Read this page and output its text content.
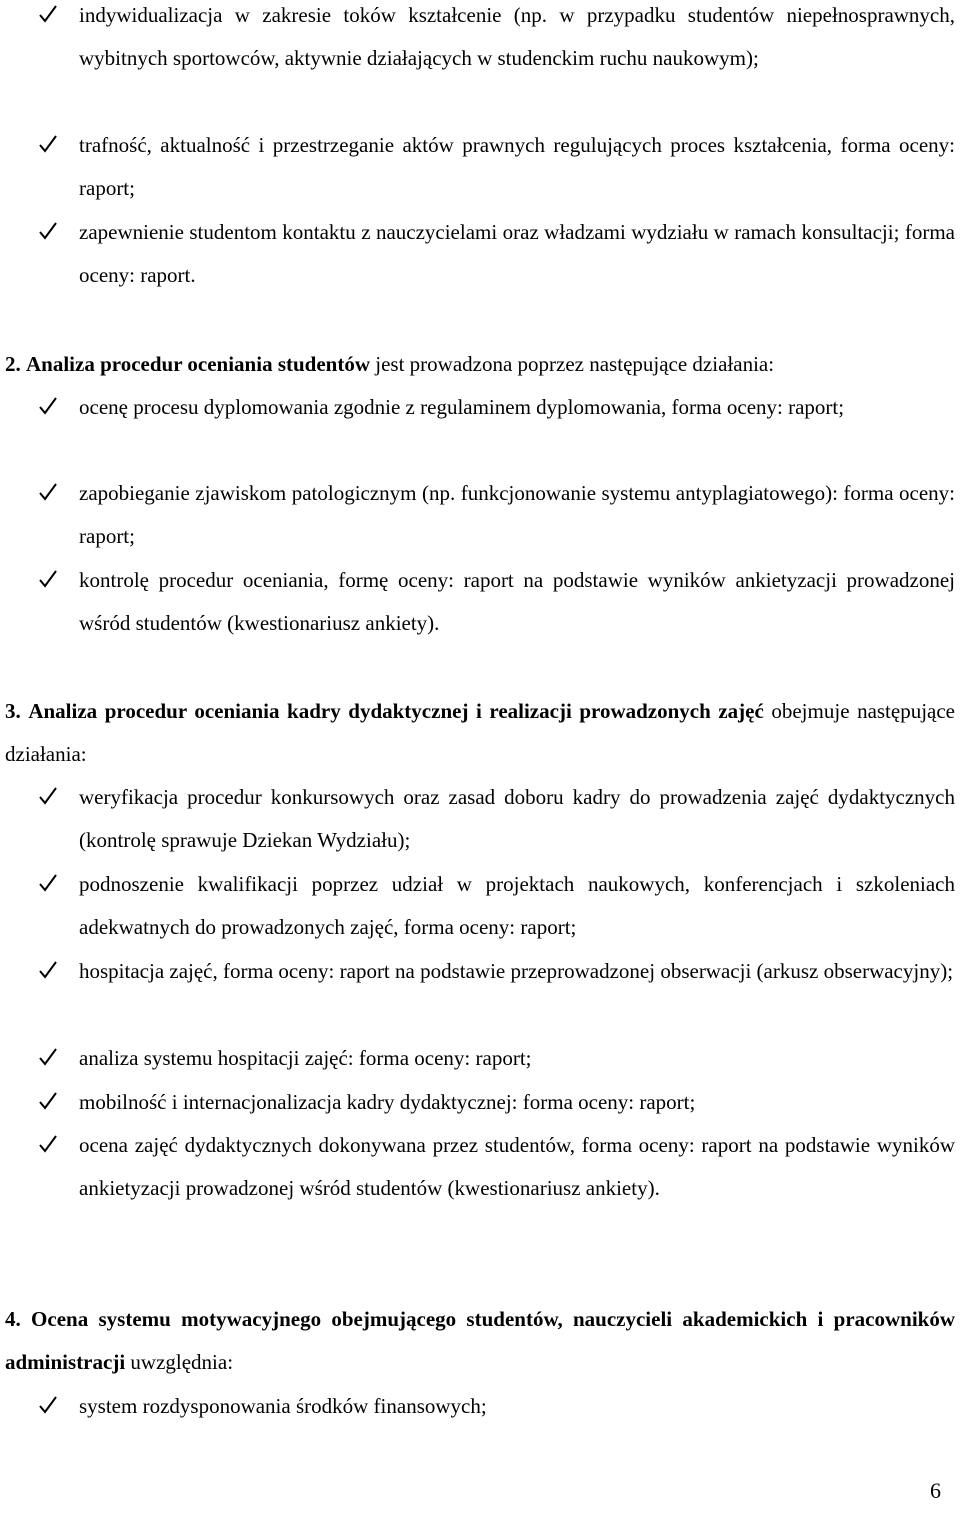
indywidualizacja w zakresie toków kształcenie (np. w przypadku studentów niepełnosprawnych, wybitnych sportowców, aktywnie działających w studenckim ruchu naukowym);
trafność, aktualność i przestrzeganie aktów prawnych regulujących proces kształcenia, forma oceny: raport;
zapewnienie studentom kontaktu z nauczycielami oraz władzami wydziału w ramach konsultacji; forma oceny: raport.
2. Analiza procedur oceniania studentów jest prowadzona poprzez następujące działania:
ocenę procesu dyplomowania zgodnie z regulaminem dyplomowania, forma oceny: raport;
zapobieganie zjawiskom patologicznym (np. funkcjonowanie systemu antyplagiatowego): forma oceny: raport;
kontrolę procedur oceniania, formę oceny: raport na podstawie wyników ankietyzacji prowadzonej wśród studentów (kwestionariusz ankiety).
3. Analiza procedur oceniania kadry dydaktycznej i realizacji prowadzonych zajęć obejmuje następujące działania:
weryfikacja procedur konkursowych oraz zasad doboru kadry do prowadzenia zajęć dydaktycznych (kontrolę sprawuje Dziekan Wydziału);
podnoszenie kwalifikacji poprzez udział w projektach naukowych, konferencjach i szkoleniach adekwatnych do prowadzonych zajęć, forma oceny: raport;
hospitacja zajęć, forma oceny: raport na podstawie przeprowadzonej obserwacji (arkusz obserwacyjny);
analiza systemu hospitacji zajęć: forma oceny: raport;
mobilność i internacjonalizacja kadry dydaktycznej: forma oceny: raport;
ocena zajęć dydaktycznych dokonywana przez studentów, forma oceny: raport na podstawie wyników ankietyzacji prowadzonej wśród studentów (kwestionariusz ankiety).
4. Ocena systemu motywacyjnego obejmującego studentów, nauczycieli akademickich i pracowników administracji uwzględnia:
system rozdysponowania środków finansowych;
6
